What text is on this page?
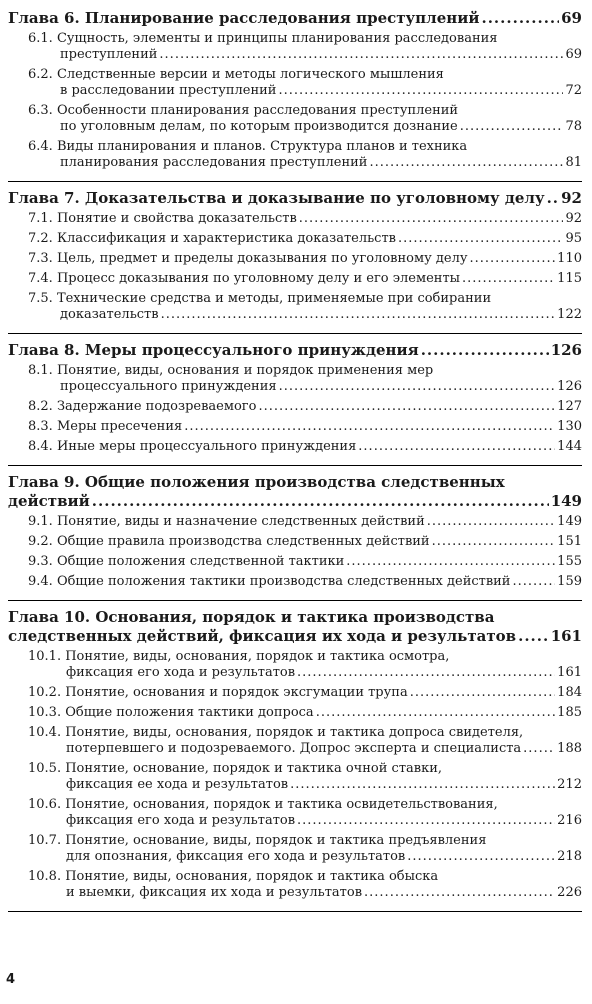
Глава 6. Планирование расследования преступлений .....	69
6.1. Сущность, элементы и принципы планирования расследования
преступлений .....	69
6.2. Следственные версии и методы логического мышления
в расследовании преступлений .....	72
6.3. Особенности планирования расследования преступлений
по уголовным делам, по которым производится дознание .....	78
6.4. Виды планирования и планов. Структура планов и техника
планирования расследования преступлений .....	81
Глава 7. Доказательства и доказывание по уголовному делу ..... 92
7.1. Понятие и свойства доказательств .....	92
7.2. Классификация и характеристика доказательств .....	95
7.3. Цель, предмет и пределы доказывания по уголовному делу .....	110
7.4. Процесс доказывания по уголовному делу и его элементы .....	115
7.5. Технические средства и методы, применяемые при собирании
доказательств .....	122
Глава 8. Меры процессуального принуждения .....	126
8.1. Понятие, виды, основания и порядок применения мер
процессуального принуждения .....	126
8.2. Задержание подозреваемого .....	127
8.3. Меры пресечения .....	130
8.4. Иные меры процессуального принуждения .....	144
Глава 9. Общие положения производства следственных
действий .....	149
9.1. Понятие, виды и назначение следственных действий .....	149
9.2. Общие правила производства следственных действий .....	151
9.3. Общие положения следственной тактики .....	155
9.4. Общие положения тактики производства следственных действий .....	159
Глава 10. Основания, порядок и тактика производства
следственных действий, фиксация их хода и результатов ..... 161
10.1. Понятие, виды, основания, порядок и тактика осмотра,
фиксация его хода и результатов .....	161
10.2. Понятие, основания и порядок эксгумации трупа .....	184
10.3. Общие положения тактики допроса .....	185
10.4. Понятие, виды, основания, порядок и тактика допроса свидетеля,
потерпевшего и подозреваемого. Допрос эксперта и специалиста .....	188
10.5. Понятие, основание, порядок и тактика очной ставки,
фиксация ее хода и результатов .....	212
10.6. Понятие, основания, порядок и тактика освидетельствования,
фиксация его хода и результатов .....	216
10.7. Понятие, основание, виды, порядок и тактика предъявления
для опознания, фиксация его хода и результатов .....	218
10.8. Понятие, виды, основания, порядок и тактика обыска
и выемки, фиксация их хода и результатов .....	226
4
